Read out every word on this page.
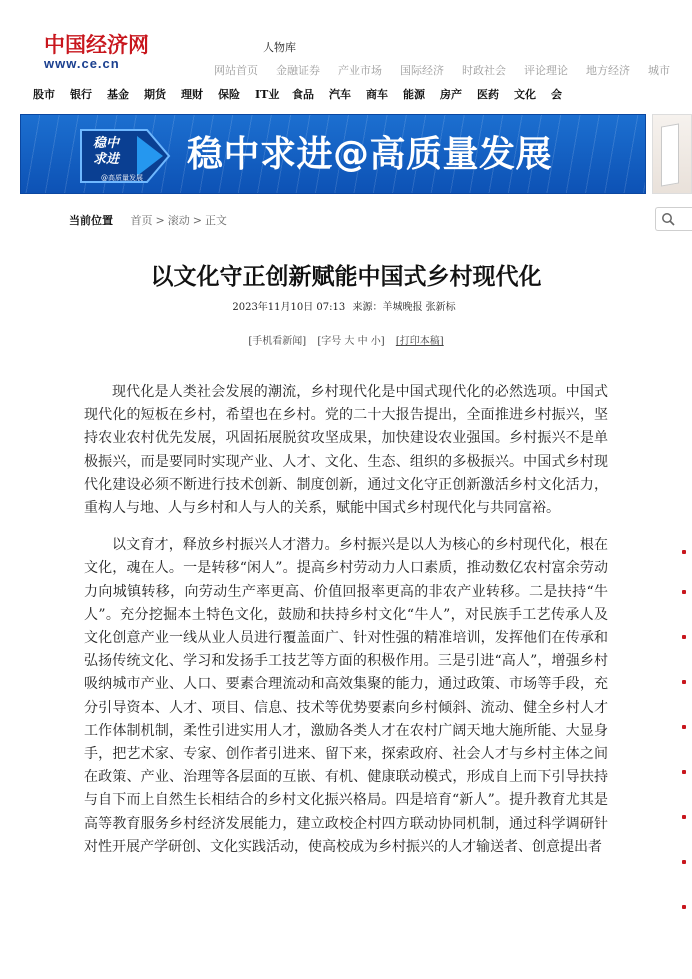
中国经济网
www.ce.cn
人物库
网站首页 金融证券 产业市场 国际经济 时政社会 评论理论 地方经济 城市
股市 银行 基金 期货 理财 保险 IT业 食品 汽车 商车 能源 房产 医药 文化 会
稳中
求进
@高质量发展
稳中求进@高质量发展
当前位置 首页 > 滚动 > 正文
以文化守正创新赋能中国式乡村现代化
2023年11月10日 07:13 来源：羊城晚报 张新标
[手机看新闻] [字号 大 中 小] [打印本稿]

现代化是人类社会发展的潮流，乡村现代化是中国式现代化的必然选项。中国式现代化的短板在乡村，希望也在乡村。党的二十大报告提出，全面推进乡村振兴，坚持农业农村优先发展，巩固拓展脱贫攻坚成果，加快建设农业强国。乡村振兴不是单极振兴，而是要同时实现产业、人才、文化、生态、组织的多极振兴。中国式乡村现代化建设必须不断进行技术创新、制度创新，通过文化守正创新激活乡村文化活力，重构人与地、人与乡村和人与人的关系，赋能中国式乡村现代化与共同富裕。

以文育才，释放乡村振兴人才潜力。乡村振兴是以人为核心的乡村现代化，根在文化，魂在人。一是转移“闲人”。提高乡村劳动力人口素质，推动数亿农村富余劳动力向城镇转移，向劳动生产率更高、价值回报率更高的非农产业转移。二是扶持“牛人”。充分挖掘本土特色文化，鼓励和扶持乡村文化“牛人”，对民族手工艺传承人及文化创意产业一线从业人员进行覆盖面广、针对性强的精准培训，发挥他们在传承和弘扬传统文化、学习和发扬手工技艺等方面的积极作用。三是引进“高人”，增强乡村吸纳城市产业、人口、要素合理流动和高效集聚的能力，通过政策、市场等手段，充分引导资本、人才、项目、信息、技术等优势要素向乡村倾斜、流动、健全乡村人才工作体制机制，柔性引进实用人才，激励各类人才在农村广阔天地大施所能、大显身手，把艺术家、专家、创作者引进来、留下来，探索政府、社会人才与乡村主体之间在政策、产业、治理等各层面的互嵌、有机、健康联动模式，形成自上而下引导扶持与自下而上自然生长相结合的乡村文化振兴格局。四是培育“新人”。提升教育尤其是高等教育服务乡村经济发展能力，建立政校企村四方联动协同机制，通过科学调研针对性开展产学研创、文化实践活动，使高校成为乡村振兴的人才输送者、创意提出者
